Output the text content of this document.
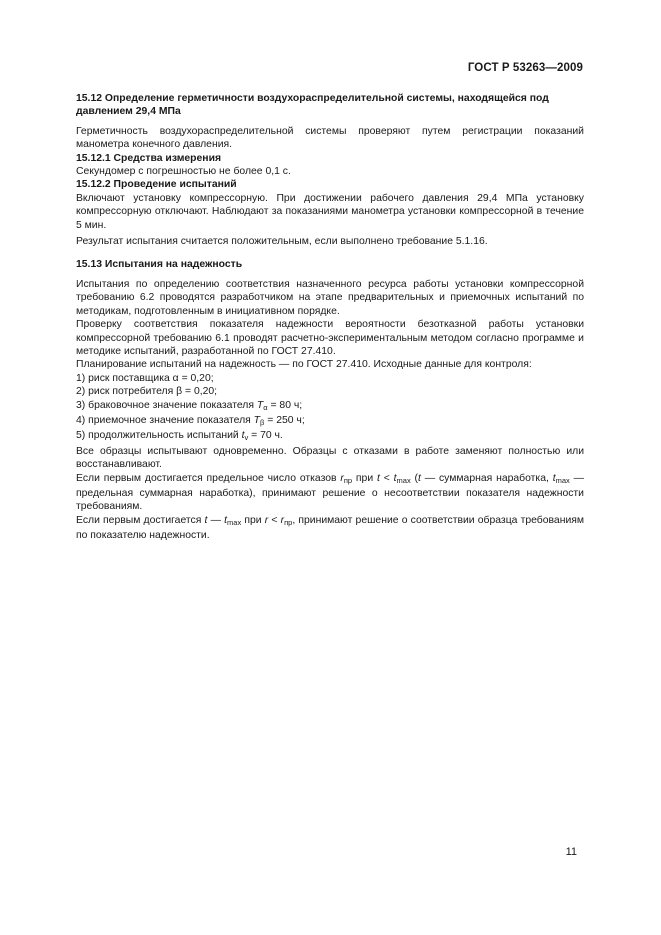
ГОСТ Р 53263—2009

15.12 Определение герметичности воздухораспределительной системы, находящейся под давлением 29,4 МПа

Герметичность воздухораспределительной системы проверяют путем регистрации показаний манометра конечного давления.

15.12.1 Средства измерения

Секундомер с погрешностью не более 0,1 с.

15.12.2 Проведение испытаний

Включают установку компрессорную. При достижении рабочего давления 29,4 МПа установку компрессорную отключают. Наблюдают за показаниями манометра установки компрессорной в течение 5 мин.

Результат испытания считается положительным, если выполнено требование 5.1.16.

15.13 Испытания на надежность

Испытания по определению соответствия назначенного ресурса работы установки компрессорной требованию 6.2 проводятся разработчиком на этапе предварительных и приемочных испытаний по методикам, подготовленным в инициативном порядке.

Проверку соответствия показателя надежности вероятности безотказной работы установки компрессорной требованию 6.1 проводят расчетно-экспериментальным методом согласно программе и методике испытаний, разработанной по ГОСТ 27.410.

Планирование испытаний на надежность — по ГОСТ 27.410. Исходные данные для контроля:

1) риск поставщика α = 0,20;

2) риск потребителя β = 0,20;

3) браковочное значение показателя $T_\alpha = 80$ ч;

4) приемочное значение показателя $T_\beta = 250$ ч;

5) продолжительность испытаний $t_v = 70$ ч.

Все образцы испытывают одновременно. Образцы с отказами в работе заменяют полностью или восстанавливают.

Если первым достигается предельное число отказов $r_{пр}$ при $t < t_{max}$ (t — суммарная наработка, $t_{max}$ — предельная суммарная наработка), принимают решение о несоответствии показателя надежности требованиям.

Если первым достигается t — $t_{max}$ при $r < r_{пр}$, принимают решение о соответствии образца требованиям по показателю надежности.

11
